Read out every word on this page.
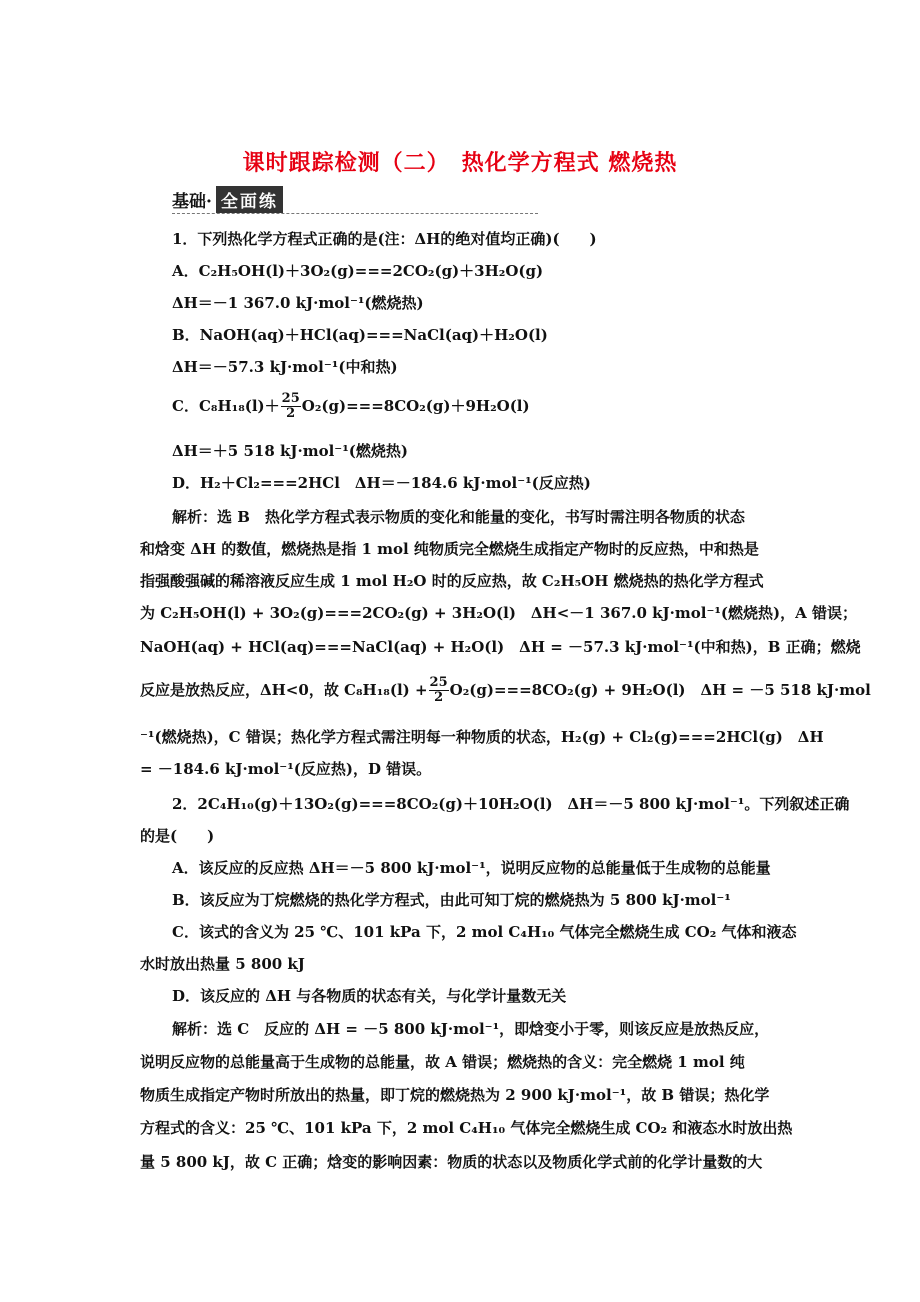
课时跟踪检测（二）　热化学方程式 燃烧热
基础· 全面练
1．下列热化学方程式正确的是(注：ΔH的绝对值均正确)(　　)
A．C₂H₅OH(l)＋3O₂(g)===2CO₂(g)＋3H₂O(g)
ΔH＝－1 367.0 kJ·mol⁻¹(燃烧热)
B．NaOH(aq)＋HCl(aq)===NaCl(aq)＋H₂O(l)
ΔH＝－57.3 kJ·mol⁻¹(中和热)
C．$C_8H_{18}(l)+ \frac{25}{2} O_2(g)===8CO_2(g)+9H_2O(l)$
ΔH＝＋5 518 kJ·mol⁻¹(燃烧热)
D．H₂＋Cl₂===2HCl　ΔH＝－184.6 kJ·mol⁻¹(反应热)
解析：选 B　热化学方程式表示物质的变化和能量的变化，书写时需注明各物质的状态
和焓变 ΔH 的数值，燃烧热是指 1 mol 纯物质完全燃烧生成指定产物时的反应热，中和热是
指强酸强碱的稀溶液反应生成 1 mol H₂O 时的反应热，故 C₂H₅OH 燃烧热的热化学方程式
为 C₂H₅OH(l) + 3O₂(g)===2CO₂(g) + 3H₂O(l)　ΔH<－1 367.0 kJ·mol⁻¹(燃烧热)，A 错误；
NaOH(aq) + HCl(aq)===NaCl(aq) + H₂O(l)　ΔH = －57.3 kJ·mol⁻¹(中和热)，B 正确；燃烧
反应是放热反应，ΔH<0，故 $C_8H_{18}(l) + \frac{25}{2} O_2(g)===8CO_2(g) + 9H_2O(l)$　ΔH = －5 518 kJ·mol
⁻¹(燃烧热)，C 错误；热化学方程式需注明每一种物质的状态，H₂(g) + Cl₂(g)===2HCl(g)　ΔH
= －184.6 kJ·mol⁻¹(反应热)，D 错误。
2．2C₄H₁₀(g)＋13O₂(g)===8CO₂(g)＋10H₂O(l)　ΔH＝－5 800 kJ·mol⁻¹。下列叙述正确
的是(　　)
A．该反应的反应热 ΔH＝－5 800 kJ·mol⁻¹，说明反应物的总能量低于生成物的总能量
B．该反应为丁烷燃烧的热化学方程式，由此可知丁烷的燃烧热为 5 800 kJ·mol⁻¹
C．该式的含义为 25 ℃、101 kPa 下，2 mol C₄H₁₀ 气体完全燃烧生成 CO₂ 气体和液态
水时放出热量 5 800 kJ
D．该反应的 ΔH 与各物质的状态有关，与化学计量数无关
解析：选 C　反应的 ΔH = －5 800 kJ·mol⁻¹，即焓变小于零，则该反应是放热反应，
说明反应物的总能量高于生成物的总能量，故 A 错误；燃烧热的含义：完全燃烧 1 mol 纯
物质生成指定产物时所放出的热量，即丁烷的燃烧热为 2 900 kJ·mol⁻¹，故 B 错误；热化学
方程式的含义：25 ℃、101 kPa 下，2 mol C₄H₁₀ 气体完全燃烧生成 CO₂ 和液态水时放出热
量 5 800 kJ，故 C 正确；焓变的影响因素：物质的状态以及物质化学式前的化学计量数的大
